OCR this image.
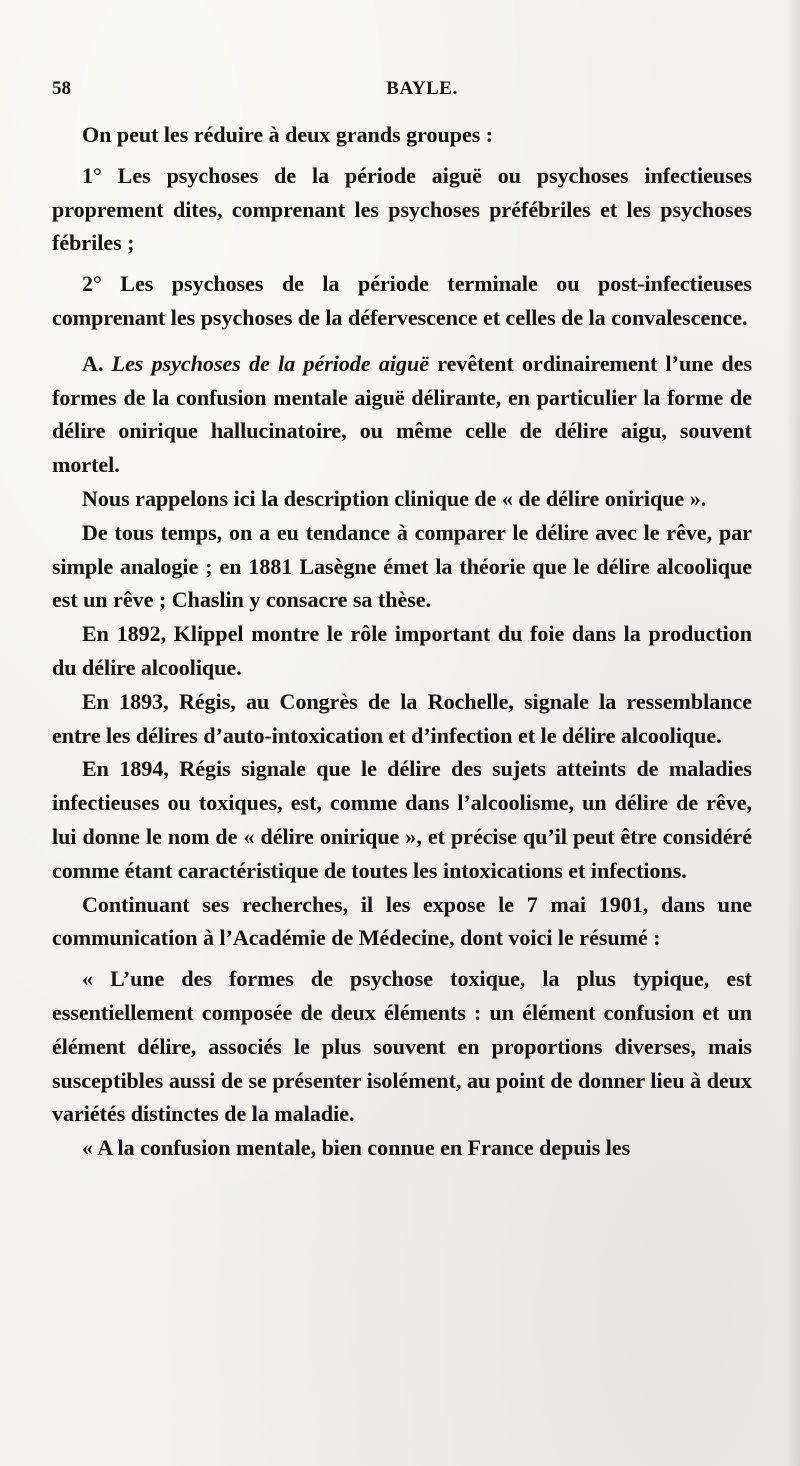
58	BAYLE.

On peut les réduire à deux grands groupes :

1° Les psychoses de la période aiguë ou psychoses infectieuses proprement dites, comprenant les psychoses préfébriles et les psychoses fébriles ;

2° Les psychoses de la période terminale ou post-infectieuses comprenant les psychoses de la défervescence et celles de la convalescence.

A. Les psychoses de la période aiguë revêtent ordinairement l’une des formes de la confusion mentale aiguë délirante, en particulier la forme de délire onirique hallucinatoire, ou même celle de délire aigu, souvent mortel.

Nous rappelons ici la description clinique de « de délire onirique ».

De tous temps, on a eu tendance à comparer le délire avec le rêve, par simple analogie ; en 1881 Lasègne émet la théorie que le délire alcoolique est un rêve ; Chaslin y consacre sa thèse.

En 1892, Klippel montre le rôle important du foie dans la production du délire alcoolique.

En 1893, Régis, au Congrès de la Rochelle, signale la ressemblance entre les délires d’auto-intoxication et d’infection et le délire alcoolique.

En 1894, Régis signale que le délire des sujets atteints de maladies infectieuses ou toxiques, est, comme dans l’alcoolisme, un délire de rêve, lui donne le nom de « délire onirique », et précise qu’il peut être considéré comme étant caractéristique de toutes les intoxications et infections.

Continuant ses recherches, il les expose le 7 mai 1901, dans une communication à l’Académie de Médecine, dont voici le résumé :

« L’une des formes de psychose toxique, la plus typique, est essentiellement composée de deux éléments : un élément confusion et un élément délire, associés le plus souvent en proportions diverses, mais susceptibles aussi de se présenter isolément, au point de donner lieu à deux variétés distinctes de la maladie.

« A la confusion mentale, bien connue en France depuis les
